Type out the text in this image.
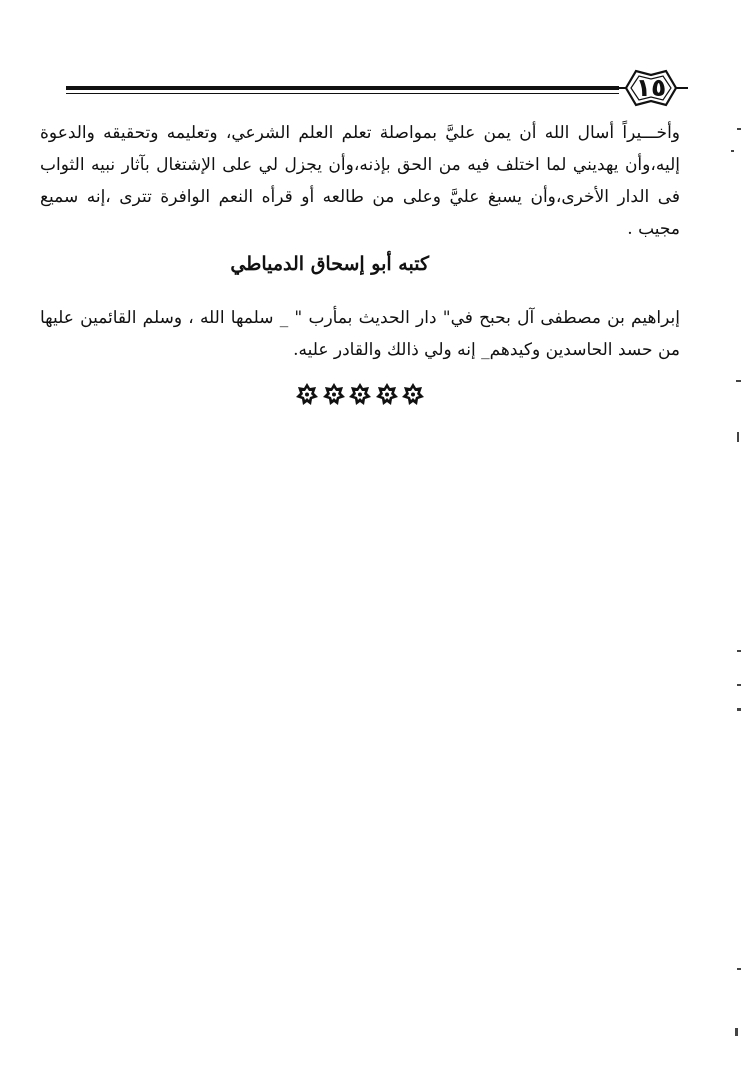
١٥

وأخـــيراً أسال الله أن يمن عليَّ بمواصلة تعلم العلم الشرعي، وتعليمه وتحقيقه والدعوة إليه،وأن يهديني لما اختلف فيه من الحق بإذنه،وأن يجزل لي على الإشتغال بآثار نبيه الثواب فى الدار الأخرى،وأن يسبغ عليَّ وعلى من طالعه أو قرأه النعم الوافرة تترى ،إنه سميع مجيب .

كتبه أبو إسحاق الدمياطي

إبراهيم بن مصطفى آل بحبح في" دار الحديث بمأرب " _ سلمها الله ، وسلم القائمين عليها من حسد الحاسدين وكيدهم_ إنه ولي ذالك والقادر عليه.
